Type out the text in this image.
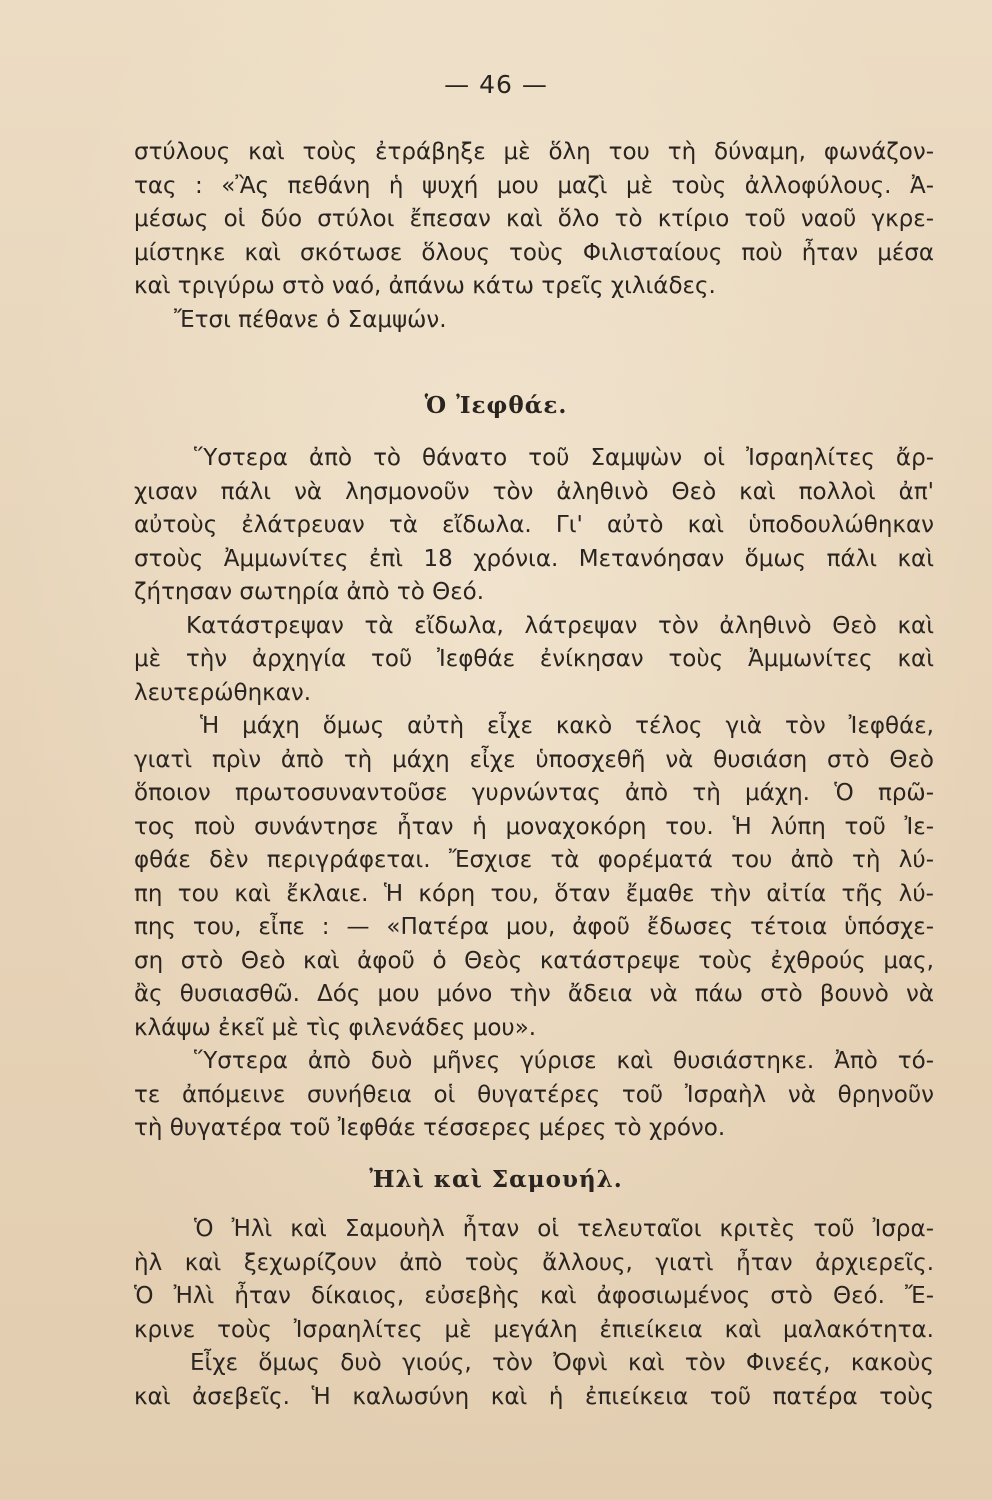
— 46 —
στύλους καὶ τοὺς ἐτράβηξε μὲ ὅλη του τὴ δύναμη, φωνάζον-
τας : «Ἂς πεθάνη ἡ ψυχή μου μαζὶ μὲ τοὺς ἀλλοφύλους. Ἀ-
μέσως οἱ δύο στύλοι ἔπεσαν καὶ ὅλο τὸ κτίριο τοῦ ναοῦ γκρε-
μίστηκε καὶ σκότωσε ὅλους τοὺς Φιλισταίους ποὺ ἦταν μέσα
καὶ τριγύρω στὸ ναό, ἀπάνω κάτω τρεῖς χιλιάδες.
Ἔτσι πέθανε ὁ Σαμψών.
Ὁ Ἰεφθάε.
Ὕστερα ἀπὸ τὸ θάνατο τοῦ Σαμψὼν οἱ Ἰσραηλίτες ἄρ-
χισαν πάλι νὰ λησμονοῦν τὸν ἀληθινὸ Θεὸ καὶ πολλοὶ ἀπ'
αὐτοὺς ἐλάτρευαν τὰ εἴδωλα. Γι' αὐτὸ καὶ ὑποδουλώθηκαν
στοὺς Ἀμμωνίτες ἐπὶ 18 χρόνια. Μετανόησαν ὅμως πάλι καὶ
ζήτησαν σωτηρία ἀπὸ τὸ Θεό.
Κατάστρεψαν τὰ εἴδωλα, λάτρεψαν τὸν ἀληθινὸ Θεὸ καὶ
μὲ τὴν ἀρχηγία τοῦ Ἰεφθάε ἐνίκησαν τοὺς Ἀμμωνίτες καὶ
λευτερώθηκαν.
Ἡ μάχη ὅμως αὐτὴ εἶχε κακὸ τέλος γιὰ τὸν Ἰεφθάε,
γιατὶ πρὶν ἀπὸ τὴ μάχη εἶχε ὑποσχεθῆ νὰ θυσιάση στὸ Θεὸ
ὅποιον πρωτοσυναντοῦσε γυρνώντας ἀπὸ τὴ μάχη. Ὁ πρῶ-
τος ποὺ συνάντησε ἦταν ἡ μοναχοκόρη του. Ἡ λύπη τοῦ Ἰε-
φθάε δὲν περιγράφεται. Ἔσχισε τὰ φορέματά του ἀπὸ τὴ λύ-
πη του καὶ ἔκλαιε. Ἡ κόρη του, ὅταν ἔμαθε τὴν αἰτία τῆς λύ-
πης του, εἶπε : — «Πατέρα μου, ἀφοῦ ἔδωσες τέτοια ὑπόσχε-
ση στὸ Θεὸ καὶ ἀφοῦ ὁ Θεὸς κατάστρεψε τοὺς ἐχθρούς μας,
ἂς θυσιασθῶ. Δός μου μόνο τὴν ἄδεια νὰ πάω στὸ βουνὸ νὰ
κλάψω ἐκεῖ μὲ τὶς φιλενάδες μου».
Ὕστερα ἀπὸ δυὸ μῆνες γύρισε καὶ θυσιάστηκε. Ἀπὸ τό-
τε ἀπόμεινε συνήθεια οἱ θυγατέρες τοῦ Ἰσραὴλ νὰ θρηνοῦν
τὴ θυγατέρα τοῦ Ἰεφθάε τέσσερες μέρες τὸ χρόνο.
Ἠλὶ καὶ Σαμουήλ.
Ὁ Ἠλὶ καὶ Σαμουὴλ ἦταν οἱ τελευταῖοι κριτὲς τοῦ Ἰσρα-
ὴλ καὶ ξεχωρίζουν ἀπὸ τοὺς ἄλλους, γιατὶ ἦταν ἀρχιερεῖς.
Ὁ Ἠλὶ ἦταν δίκαιος, εὐσεβὴς καὶ ἀφοσιωμένος στὸ Θεό. Ἔ-
κρινε τοὺς Ἰσραηλίτες μὲ μεγάλη ἐπιείκεια καὶ μαλακότητα.
Εἶχε ὅμως δυὸ γιούς, τὸν Ὀφνὶ καὶ τὸν Φινεές, κακοὺς
καὶ ἀσεβεῖς. Ἡ καλωσύνη καὶ ἡ ἐπιείκεια τοῦ πατέρα τοὺς
